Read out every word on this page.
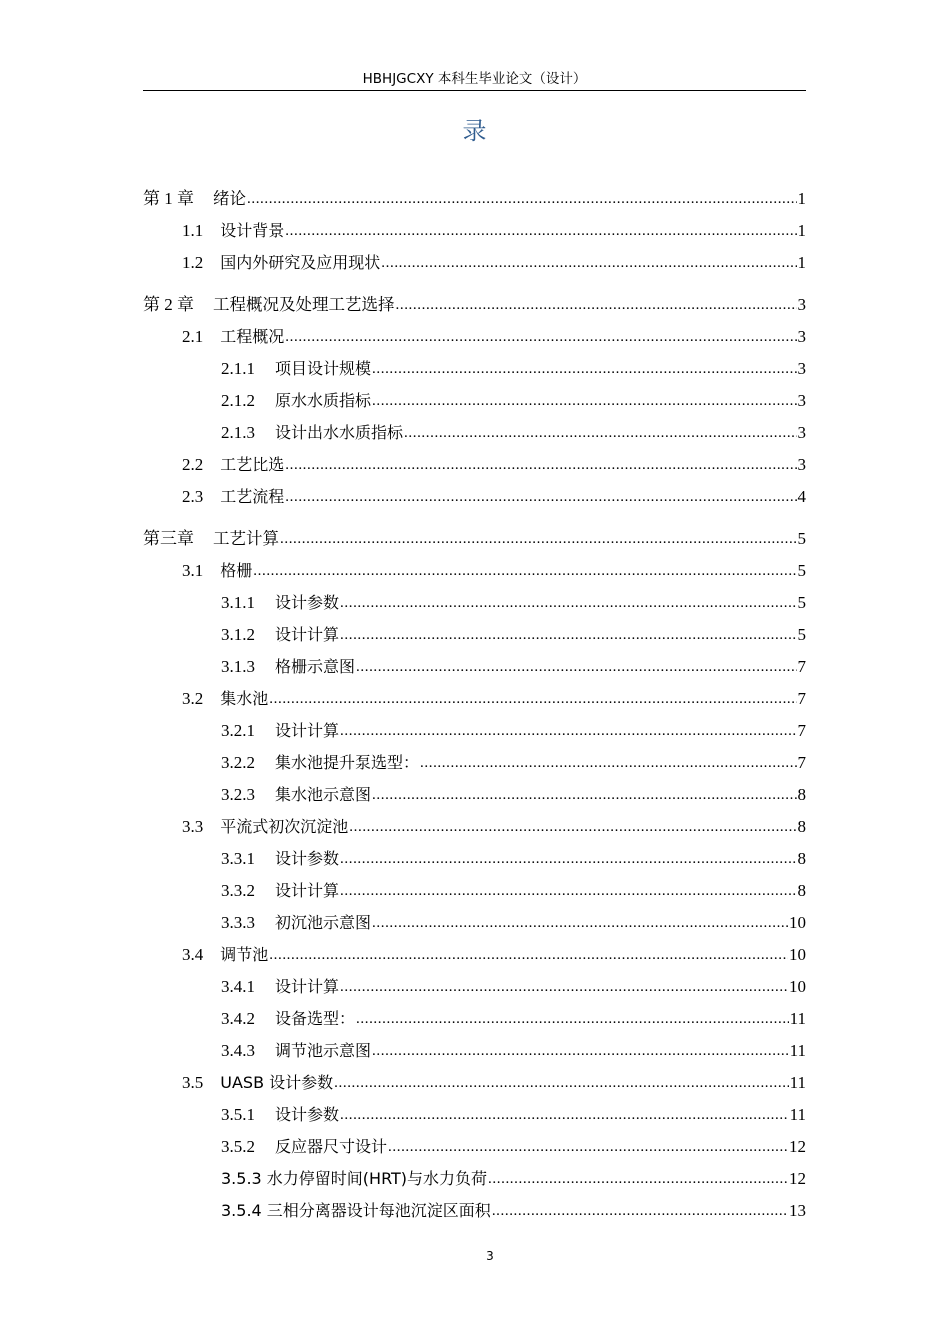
HBHJGCXY 本科生毕业论文（设计）
录
第 1 章 绪论 .....	1
1.1 设计背景 .....	1
1.2 国内外研究及应用现状 .....	1
第 2 章 工程概况及处理工艺选择 .....	3
2.1 工程概况 .....	3
2.1.1 项目设计规模 .....	3
2.1.2 原水水质指标 .....	3
2.1.3 设计出水水质指标 .....	3
2.2 工艺比选 .....	3
2.3 工艺流程 .....	4
第三章 工艺计算 .....	5
3.1 格栅 .....	5
3.1.1 设计参数 .....	5
3.1.2 设计计算 .....	5
3.1.3 格栅示意图 .....	7
3.2 集水池 .....	7
3.2.1 设计计算 .....	7
3.2.2 集水池提升泵选型： .....	7
3.2.3 集水池示意图 .....	8
3.3 平流式初次沉淀池 .....	8
3.3.1 设计参数 .....	8
3.3.2 设计计算 .....	8
3.3.3 初沉池示意图 .....	10
3.4 调节池 .....	10
3.4.1 设计计算 .....	10
3.4.2 设备选型： .....	11
3.4.3 调节池示意图 .....	11
3.5 UASB 设计参数 .....	11
3.5.1 设计参数 .....	11
3.5.2 反应器尺寸设计 .....	12
3.5.3 水力停留时间(HRT)与水力负荷 .....	12
3.5.4 三相分离器设计每池沉淀区面积 .....	13
3
